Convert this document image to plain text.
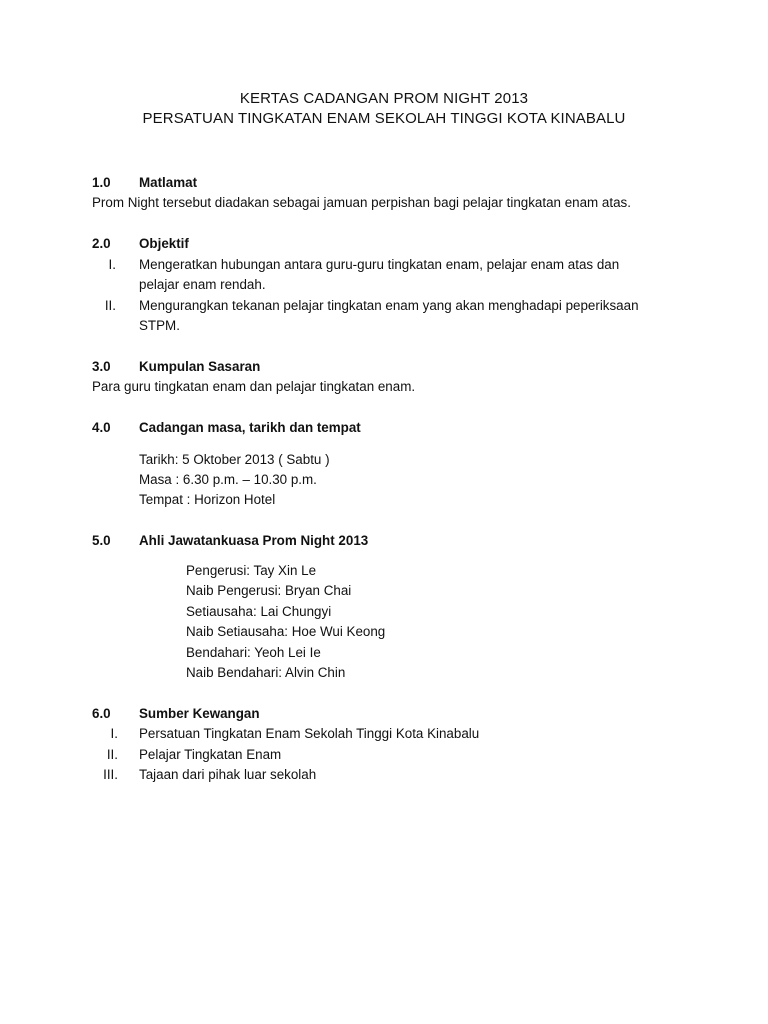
KERTAS CADANGAN PROM NIGHT 2013
PERSATUAN TINGKATAN ENAM SEKOLAH TINGGI KOTA KINABALU
1.0 Matlamat
Prom Night tersebut diadakan sebagai jamuan perpishan bagi pelajar tingkatan enam atas.
2.0 Objektif
I. Mengeratkan hubungan antara guru-guru tingkatan enam, pelajar enam atas dan
pelajar enam rendah.
II. Mengurangkan tekanan pelajar tingkatan enam yang akan menghadapi peperiksaan
STPM.
3.0 Kumpulan Sasaran
Para guru tingkatan enam dan pelajar tingkatan enam.
4.0 Cadangan masa, tarikh dan tempat
Tarikh: 5 Oktober 2013 ( Sabtu )
Masa : 6.30 p.m. – 10.30 p.m.
Tempat : Horizon Hotel
5.0 Ahli Jawatankuasa Prom Night 2013
Pengerusi: Tay Xin Le
Naib Pengerusi: Bryan Chai
Setiausaha: Lai Chungyi
Naib Setiausaha: Hoe Wui Keong
Bendahari: Yeoh Lei Ie
Naib Bendahari: Alvin Chin
6.0 Sumber Kewangan
I. Persatuan Tingkatan Enam Sekolah Tinggi Kota Kinabalu
II. Pelajar Tingkatan Enam
III. Tajaan dari pihak luar sekolah
